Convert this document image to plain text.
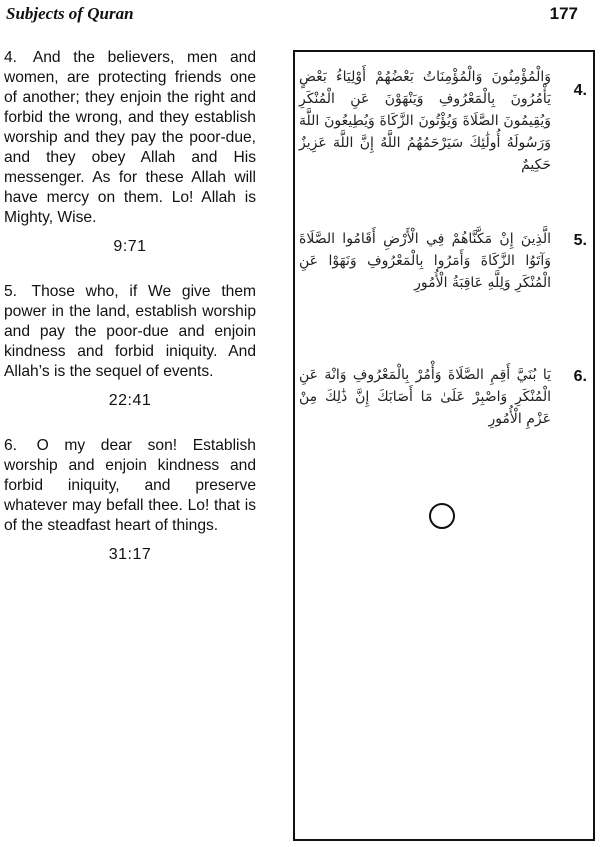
Subjects of Quran	177
4. And the believers, men and women, are protecting friends one of another; they enjoin the right and forbid the wrong, and they establish worship and they pay the poor-due, and they obey Allah and His messenger. As for these Allah will have mercy on them. Lo! Allah is Mighty, Wise.
9:71
5. Those who, if We give them power in the land, establish worship and pay the poor-due and enjoin kindness and forbid iniquity. And Allah’s is the sequel of events.
22:41
6. O my dear son! Establish worship and enjoin kindness and forbid iniquity, and preserve whatever may befall thee. Lo! that is of the steadfast heart of things.
31:17
4.
وَالْمُؤْمِنُونَ وَالْمُؤْمِنَاتُ بَعْضُهُمْ أَوْلِيَاءُ بَعْضٍ يَأْمُرُونَ بِالْمَعْرُوفِ وَيَنْهَوْنَ عَنِ الْمُنْكَرِ وَيُقِيمُونَ الصَّلَاةَ وَيُؤْتُونَ الزَّكَاةَ وَيُطِيعُونَ اللَّهَ وَرَسُولَهُ أُولَٰئِكَ سَيَرْحَمُهُمُ اللَّهُ إِنَّ اللَّهَ عَزِيزٌ حَكِيمٌ
5.
الَّذِينَ إِنْ مَكَّنَّاهُمْ فِي الْأَرْضِ أَقَامُوا الصَّلَاةَ وَآتَوُا الزَّكَاةَ وَأَمَرُوا بِالْمَعْرُوفِ وَنَهَوْا عَنِ الْمُنْكَرِ وَلِلَّهِ عَاقِبَةُ الْأُمُورِ
6.
يَا بُنَيَّ أَقِمِ الصَّلَاةَ وَأْمُرْ بِالْمَعْرُوفِ وَانْهَ عَنِ الْمُنْكَرِ وَاصْبِرْ عَلَىٰ مَا أَصَابَكَ إِنَّ ذَٰلِكَ مِنْ عَزْمِ الْأُمُورِ
